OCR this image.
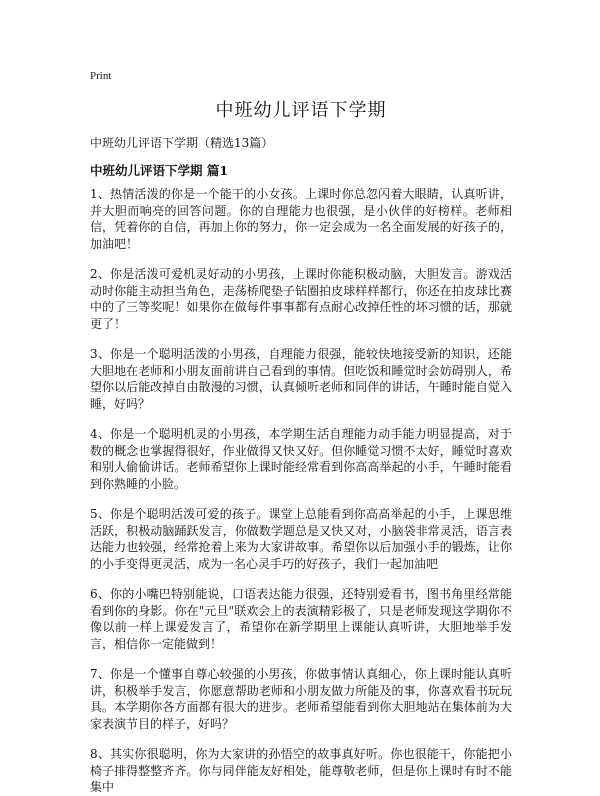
Print
中班幼儿评语下学期
中班幼儿评语下学期（精选13篇）
中班幼儿评语下学期 篇1

1、热情活泼的你是一个能干的小女孩。上课时你总忽闪着大眼睛，认真听讲，并大胆而响亮的回答问题。你的自理能力也很强，是小伙伴的好榜样。老师相信，凭着你的自信，再加上你的努力，你一定会成为一名全面发展的好孩子的，加油吧！

2、你是活泼可爱机灵好动的小男孩，上课时你能积极动脑，大胆发言。游戏活动时你能主动担当角色，走荡桥爬垫子钻圈拍皮球样样都行，你还在拍皮球比赛中的了三等奖呢！如果你在做每件事事都有点耐心改掉任性的坏习惯的话，那就更了！

3、你是一个聪明活泼的小男孩，自理能力很强，能较快地接受新的知识，还能大胆地在老师和小朋友面前讲自己看到的事情。但吃饭和睡觉时会妨碍别人，希望你以后能改掉自由散漫的习惯，认真倾听老师和同伴的讲话，午睡时能自觉入睡，好吗？

4、你是一个聪明机灵的小男孩，本学期生活自理能力动手能力明显提高，对于数的概念也掌握得很好，作业做得又快又好。但你睡觉习惯不太好，睡觉时喜欢和别人偷偷讲话。老师希望你上课时能经常看到你高高举起的小手，午睡时能看到你熟睡的小脸。

5、你是个聪明活泼可爱的孩子。课堂上总能看到你高高举起的小手，上课思维活跃，积极动脑踊跃发言，你做数学题总是又快又对，小脑袋非常灵活，语言表达能力也较强，经常抢着上来为大家讲故事。希望你以后加强小手的锻炼，让你的小手变得更灵活，成为一名心灵手巧的好孩子，我们一起加油吧

6、你的小嘴巴特别能说，口语表达能力很强，还特别爱看书，图书角里经常能看到你的身影。你在"元旦"联欢会上的表演精彩极了，只是老师发现这学期你不像以前一样上课爱发言了，希望你在新学期里上课能认真听讲，大胆地举手发言，相信你一定能做到！

7、你是一个懂事自尊心较强的小男孩，你做事情认真细心，你上课时能认真听讲，积极举手发言，你愿意帮助老师和小朋友做力所能及的事，你喜欢看书玩玩具。本学期你各方面都有很大的进步。老师希望能看到你大胆地站在集体前为大家表演节目的样子，好吗？

8、其实你很聪明，你为大家讲的孙悟空的故事真好听。你也很能干，你能把小椅子排得整整齐齐。你与同伴能友好相处，能尊敬老师，但是你上课时有时不能集中
